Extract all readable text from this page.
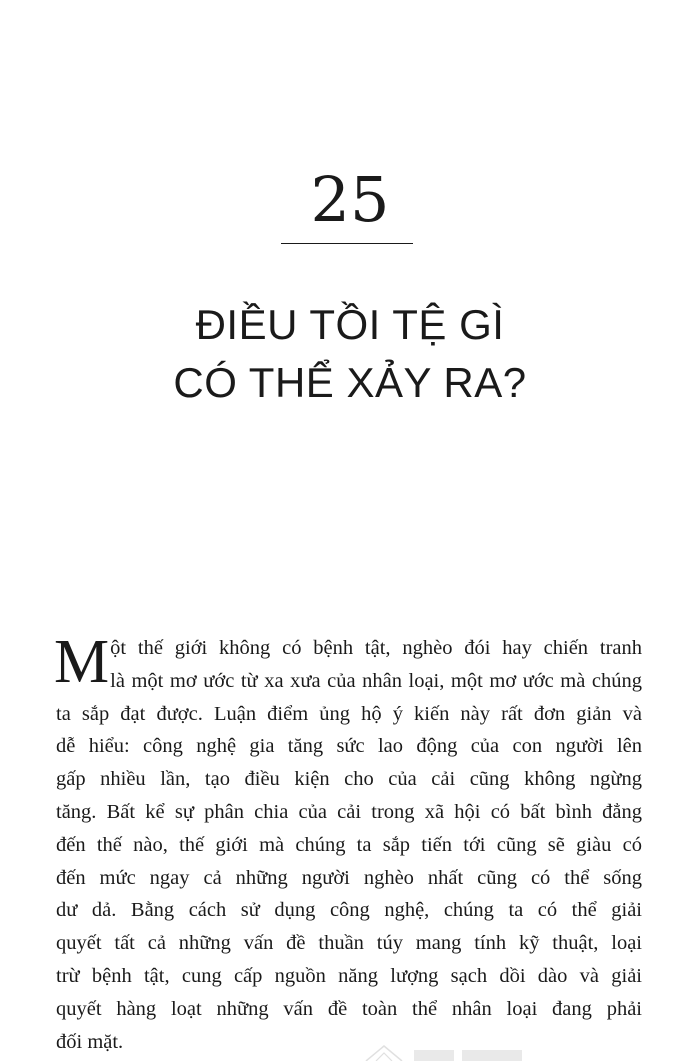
25
ĐIỀU TỒI TỆ GÌ
CÓ THỂ XẢY RA?
M ột thế giới không có bệnh tật, nghèo đói hay chiến tranh
là một mơ ước từ xa xưa của nhân loại, một mơ ước mà chúng
ta sắp đạt được. Luận điểm ủng hộ ý kiến này rất đơn giản và
dễ hiểu: công nghệ gia tăng sức lao động của con người lên
gấp nhiều lần, tạo điều kiện cho của cải cũng không ngừng
tăng. Bất kể sự phân chia của cải trong xã hội có bất bình đẳng
đến thế nào, thế giới mà chúng ta sắp tiến tới cũng sẽ giàu có
đến mức ngay cả những người nghèo nhất cũng có thể sống
dư dả. Bằng cách sử dụng công nghệ, chúng ta có thể giải
quyết tất cả những vấn đề thuần túy mang tính kỹ thuật, loại
trừ bệnh tật, cung cấp nguồn năng lượng sạch dồi dào và giải
quyết hàng loạt những vấn đề toàn thể nhân loại đang phải
đối mặt.
